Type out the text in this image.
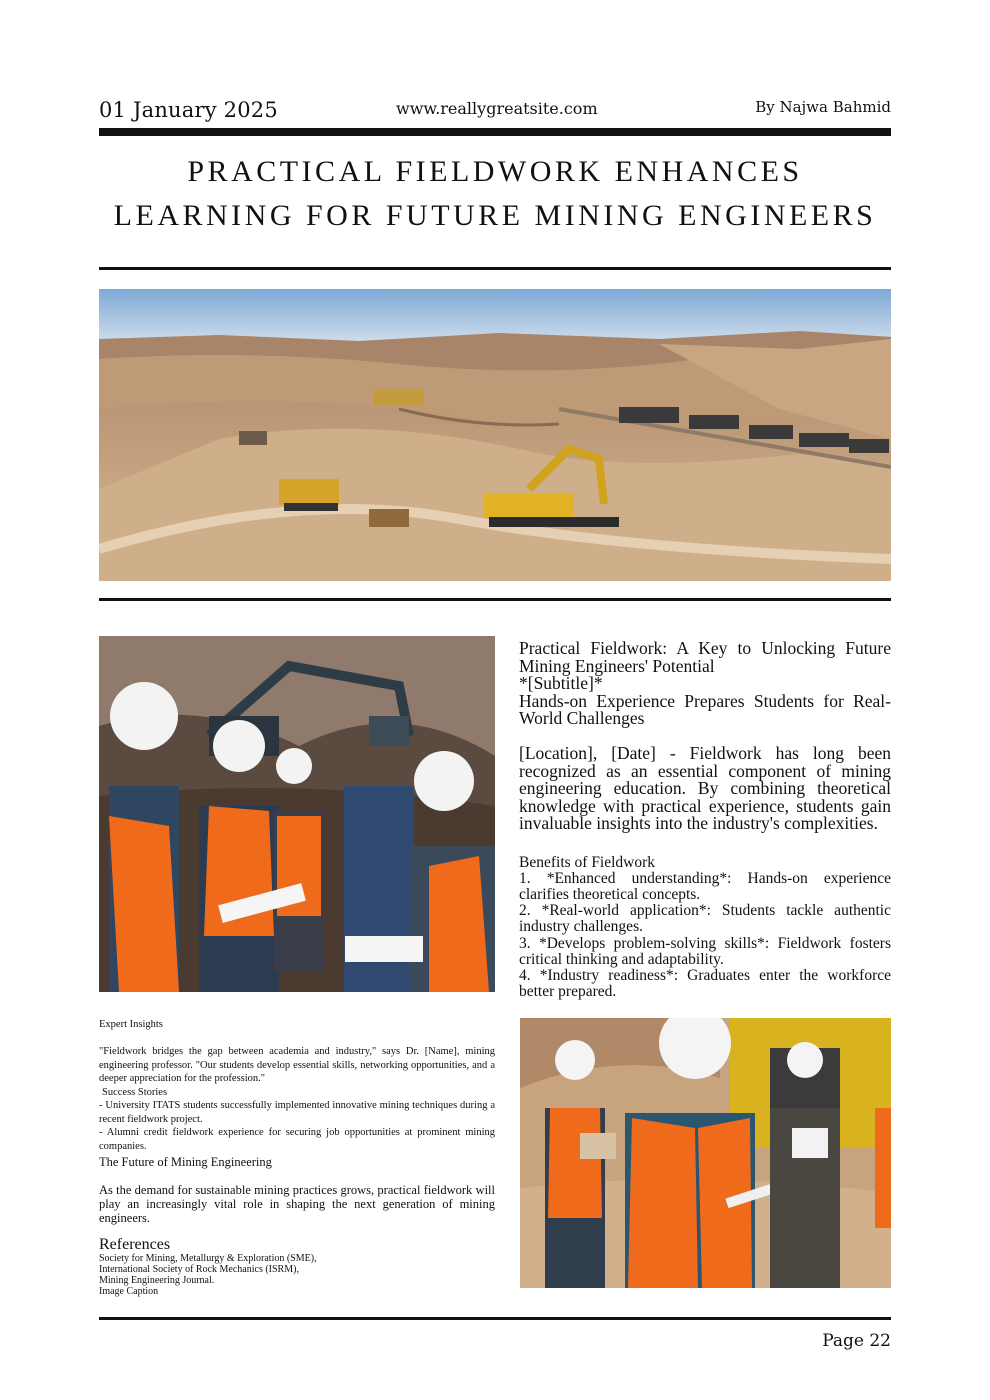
01 January 2025	www.reallygreatsite.com	By Najwa Bahmid
PRACTICAL FIELDWORK ENHANCES
LEARNING FOR FUTURE MINING ENGINEERS

Practical Fieldwork: A Key to Unlocking Future Mining Engineers' Potential

*[Subtitle]*

Hands-on Experience Prepares Students for Real-World Challenges

[Location], [Date] - Fieldwork has long been recognized as an essential component of mining engineering education. By combining theoretical knowledge with practical experience, students gain invaluable insights into the industry's complexities.

Benefits of Fieldwork

1. *Enhanced understanding*: Hands-on experience clarifies theoretical concepts.

2. *Real-world application*: Students tackle authentic industry challenges.

3. *Develops problem-solving skills*: Fieldwork fosters critical thinking and adaptability.

4. *Industry readiness*: Graduates enter the workforce better prepared.

Expert Insights

"Fieldwork bridges the gap between academia and industry," says Dr. [Name], mining engineering professor. "Our students develop essential skills, networking opportunities, and a deeper appreciation for the profession."

Success Stories

- University ITATS students successfully implemented innovative mining techniques during a recent fieldwork project.

- Alumni credit fieldwork experience for securing job opportunities at prominent mining companies.

The Future of Mining Engineering

As the demand for sustainable mining practices grows, practical fieldwork will play an increasingly vital role in shaping the next generation of mining engineers.

References

Society for Mining, Metallurgy & Exploration (SME),

International Society of Rock Mechanics (ISRM),

Mining Engineering Journal.

Image Caption

Page 22
